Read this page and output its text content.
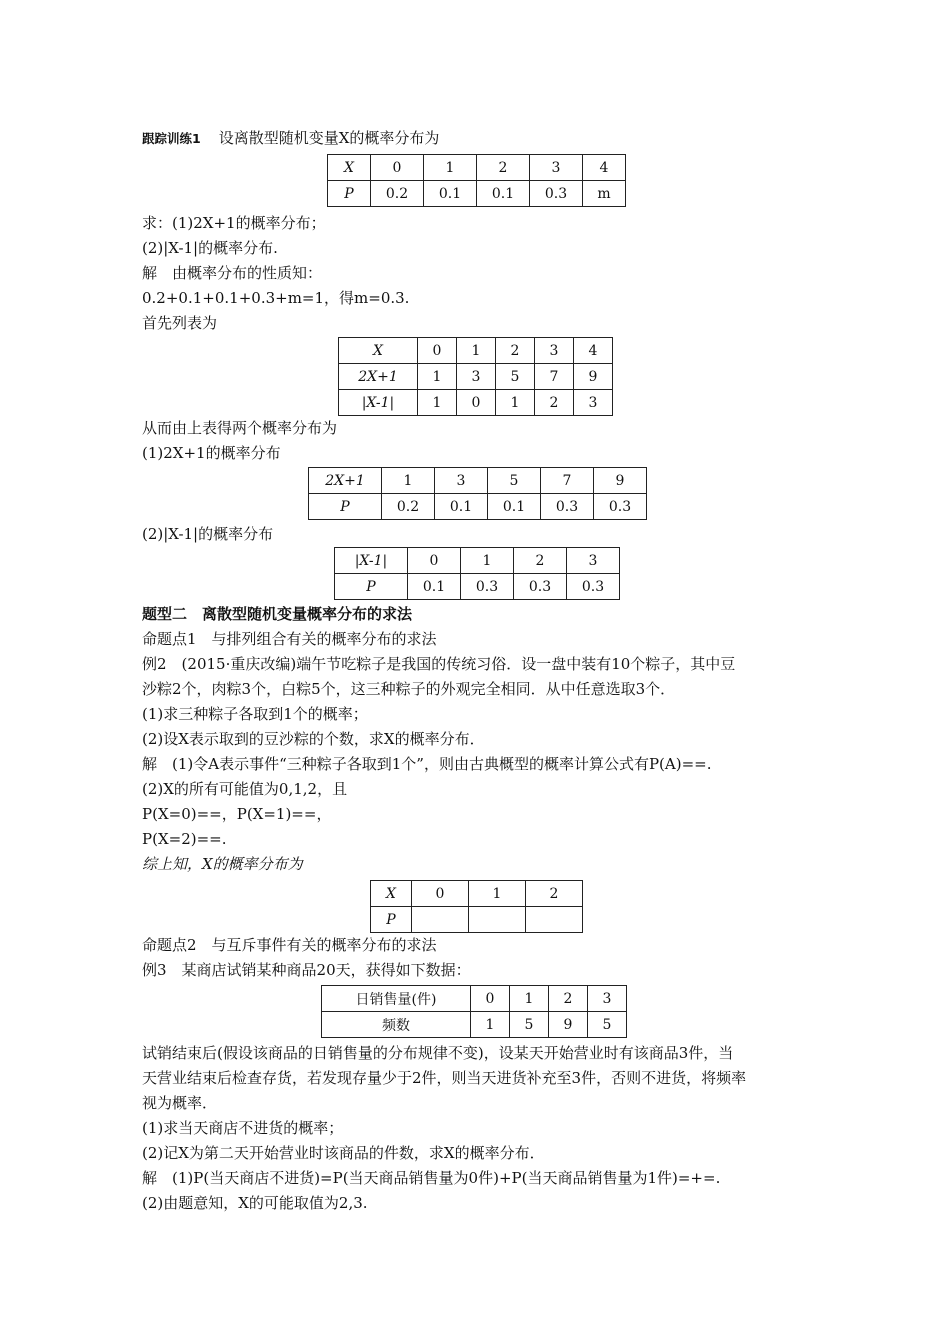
跟踪训练1 设离散型随机变量X的概率分布为
X	0	1	2	3	4
P	0.2	0.1	0.1	0.3	m
求：(1)2X+1的概率分布；
(2)|X-1|的概率分布.
解　由概率分布的性质知：
0.2+0.1+0.1+0.3+m=1，得m=0.3.
首先列表为
X	0	1	2	3	4
2X+1	1	3	5	7	9
|X-1|	1	0	1	2	3
从而由上表得两个概率分布为
(1)2X+1的概率分布
2X+1	1	3	5	7	9
P	0.2	0.1	0.1	0.3	0.3
(2)|X-1|的概率分布
|X-1|	0	1	2	3
P	0.1	0.3	0.3	0.3
题型二　离散型随机变量概率分布的求法
命题点1　与排列组合有关的概率分布的求法
例2　(2015·重庆改编)端午节吃粽子是我国的传统习俗．设一盘中装有10个粽子，其中豆
沙粽2个，肉粽3个，白粽5个，这三种粽子的外观完全相同．从中任意选取3个．
(1)求三种粽子各取到1个的概率；
(2)设X表示取到的豆沙粽的个数，求X的概率分布．
解　(1)令A表示事件“三种粽子各取到1个”，则由古典概型的概率计算公式有P(A)==.
(2)X的所有可能值为0,1,2，且
P(X=0)==，P(X=1)==，
P(X=2)==.
综上知，X的概率分布为
X	0	1	2
P			
命题点2　与互斥事件有关的概率分布的求法
例3　某商店试销某种商品20天，获得如下数据：
日销售量(件)	0	1	2	3
频数	1	5	9	5
试销结束后(假设该商品的日销售量的分布规律不变)，设某天开始营业时有该商品3件，当
天营业结束后检查存货，若发现存量少于2件，则当天进货补充至3件，否则不进货，将频率
视为概率．
(1)求当天商店不进货的概率；
(2)记X为第二天开始营业时该商品的件数，求X的概率分布．
解　(1)P(当天商店不进货)=P(当天商品销售量为0件)+P(当天商品销售量为1件)=+=.
(2)由题意知，X的可能取值为2,3.
